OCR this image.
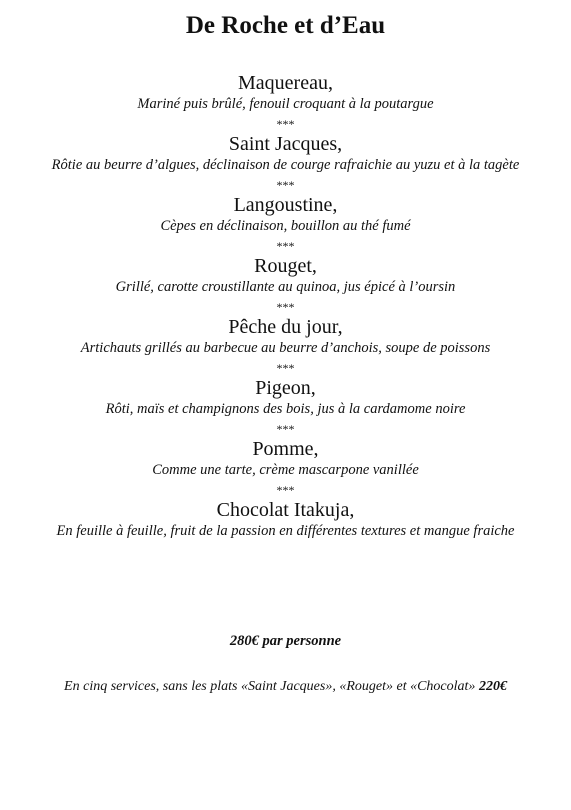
De Roche et d’Eau
Maquereau,
Mariné puis brûlé, fenouil croquant à la poutargue
***
Saint Jacques,
Rôtie au beurre d’algues, déclinaison de courge rafraichie au yuzu et à la tagète
***
Langoustine,
Cèpes en déclinaison, bouillon au thé fumé
***
Rouget,
Grillé, carotte croustillante au quinoa, jus épicé à l’oursin
***
Pêche du jour,
Artichauts grillés au barbecue au beurre d’anchois, soupe de poissons
***
Pigeon,
Rôti, maïs et champignons des bois, jus à la cardamome noire
***
Pomme,
Comme une tarte, crème mascarpone vanillée
***
Chocolat Itakuja,
En feuille à feuille, fruit de la passion en différentes textures et mangue fraiche
280€ par personne
En cinq services, sans les plats «Saint Jacques», «Rouget» et «Chocolat» 220€
